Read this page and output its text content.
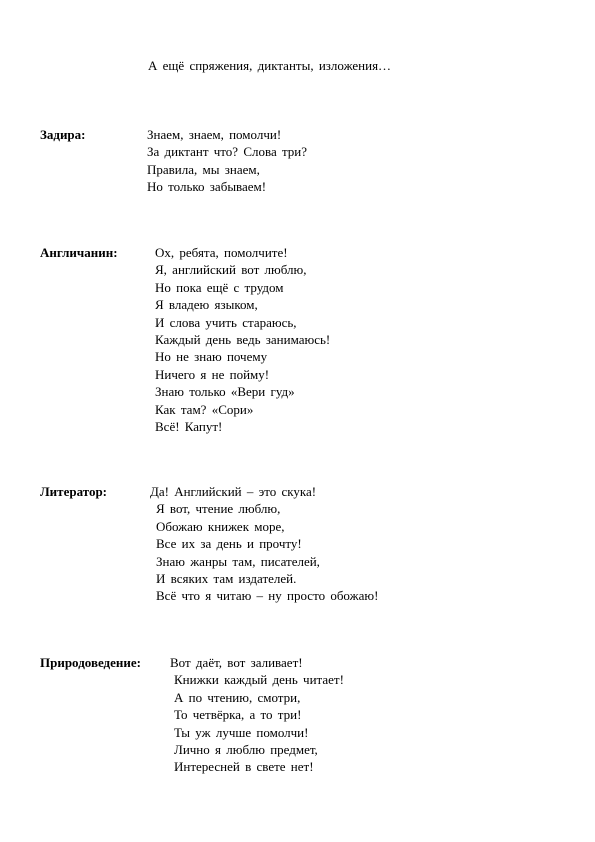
А ещё спряжения, диктанты, изложения…
Задира:	Знаем, знаем, помолчи!
За диктант что? Слова три?
Правила, мы знаем,
Но только забываем!
Англичанин:	Ох, ребята, помолчите!
Я, английский вот люблю,
Но пока ещё с трудом
Я владею языком,
И слова учить стараюсь,
Каждый день ведь занимаюсь!
Но не знаю почему
Ничего я не пойму!
Знаю только «Вери гуд»
Как там? «Сори»
Всё! Капут!
Литератор:	Да! Английский – это скука!
Я вот, чтение люблю,
Обожаю книжек море,
Все их за день и прочту!
Знаю жанры там, писателей,
И всяких там издателей.
Всё что я читаю – ну просто обожаю!
Природоведение: Вот даёт, вот заливает!
Книжки каждый день читает!
А по чтению, смотри,
То четвёрка, а то три!
Ты уж лучше помолчи!
Лично я люблю предмет,
Интересней в свете нет!
